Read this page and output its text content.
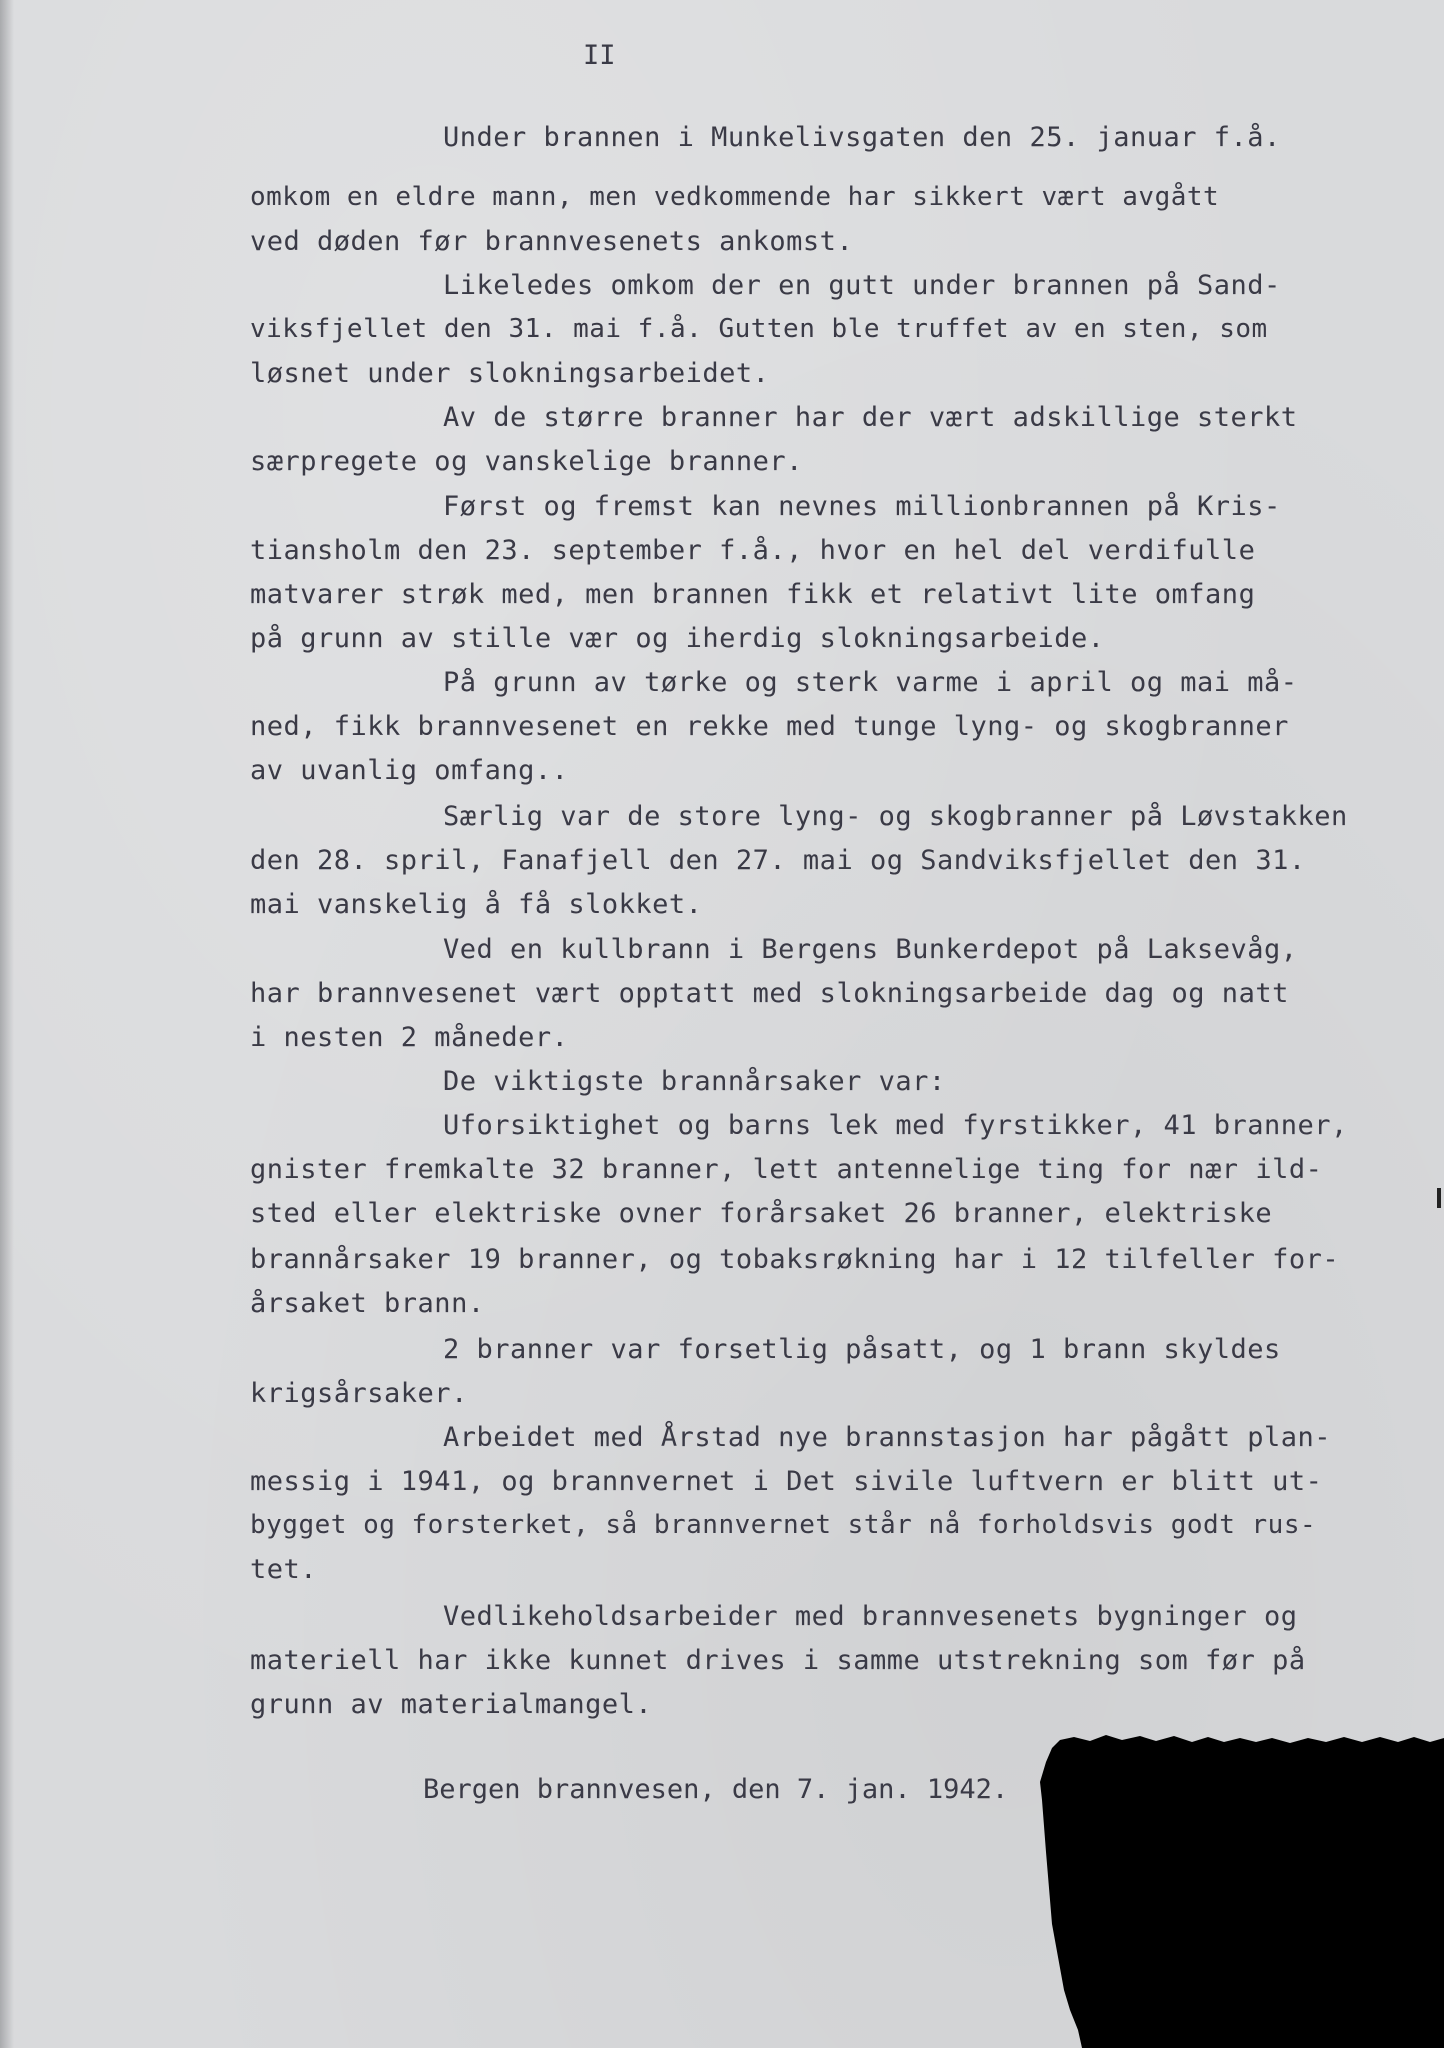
II
Under brannen i Munkelivsgaten den 25. januar f.å.
omkom en eldre mann, men vedkommende har sikkert vært avgått
ved døden før brannvesenets ankomst.
Likeledes omkom der en gutt under brannen på Sand-
viksfjellet den 31. mai f.å. Gutten ble truffet av en sten, som
løsnet under slokningsarbeidet.
Av de større branner har der vært adskillige sterkt
særpregete og vanskelige branner.
Først og fremst kan nevnes millionbrannen på Kris-
tiansholm den 23. september f.å., hvor en hel del verdifulle
matvarer strøk med, men brannen fikk et relativt lite omfang
på grunn av stille vær og iherdig slokningsarbeide.
På grunn av tørke og sterk varme i april og mai må-
ned, fikk brannvesenet en rekke med tunge lyng- og skogbranner
av uvanlig omfang..
Særlig var de store lyng- og skogbranner på Løvstakken
den 28. spril, Fanafjell den 27. mai og Sandviksfjellet den 31.
mai vanskelig å få slokket.
Ved en kullbrann i Bergens Bunkerdepot på Laksevåg,
har brannvesenet vært opptatt med slokningsarbeide dag og natt
i nesten 2 måneder.
De viktigste brannårsaker var:
Uforsiktighet og barns lek med fyrstikker, 41 branner,
gnister fremkalte 32 branner, lett antennelige ting for nær ild-
sted eller elektriske ovner forårsaket 26 branner, elektriske
brannårsaker 19 branner, og tobaksrøkning har i 12 tilfeller for-
årsaket brann.
2 branner var forsetlig påsatt, og 1 brann skyldes
krigsårsaker.
Arbeidet med Årstad nye brannstasjon har pågått plan-
messig i 1941, og brannvernet i Det sivile luftvern er blitt ut-
bygget og forsterket, så brannvernet står nå forholdsvis godt rus-
tet.
Vedlikeholdsarbeider med brannvesenets bygninger og
materiell har ikke kunnet drives i samme utstrekning som før på
grunn av materialmangel.
Bergen brannvesen, den 7. jan. 1942.
